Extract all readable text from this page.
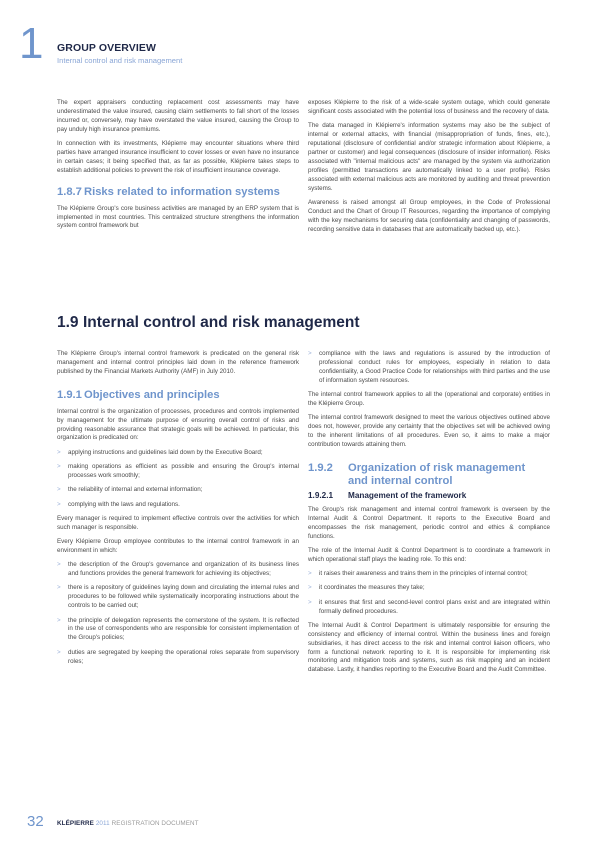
1 GROUP OVERVIEW
Internal control and risk management

The expert appraisers conducting replacement cost assessments may have underestimated the value insured, causing claim settlements to fall short of the losses incurred or, conversely, may have overstated the value insured, causing the Group to pay unduly high insurance premiums.

In connection with its investments, Klépierre may encounter situations where third parties have arranged insurance insufficient to cover losses or even have no insurance in certain cases; it being specified that, as far as possible, Klépierre takes steps to establish additional policies to prevent the risk of insufficient insurance coverage.

1.8.7 Risks related to information systems

The Klépierre Group's core business activities are managed by an ERP system that is implemented in most countries. This centralized structure strengthens the information system control framework but

exposes Klépierre to the risk of a wide-scale system outage, which could generate significant costs associated with the potential loss of business and the recovery of data.

The data managed in Klépierre's information systems may also be the subject of internal or external attacks, with financial (misappropriation of funds, fines, etc.), reputational (disclosure of confidential and/or strategic information about Klépierre, a partner or customer) and legal consequences (disclosure of insider information). Risks associated with "internal malicious acts" are managed by the system via authorization profiles (permitted transactions are automatically linked to a user profile). Risks associated with external malicious acts are monitored by auditing and threat prevention systems.

Awareness is raised amongst all Group employees, in the Code of Professional Conduct and the Chart of Group IT Resources, regarding the importance of complying with the key mechanisms for securing data (confidentiality and changing of passwords, recording sensitive data in databases that are automatically backed up, etc.).

1.9 Internal control and risk management

The Klépierre Group's internal control framework is predicated on the general risk management and internal control principles laid down in the reference framework published by the Financial Markets Authority (AMF) in July 2010.

1.9.1 Objectives and principles

Internal control is the organization of processes, procedures and controls implemented by management for the ultimate purpose of ensuring overall control of risks and providing reasonable assurance that strategic goals will be achieved. In particular, this organization is predicated on:

> applying instructions and guidelines laid down by the Executive Board;
> making operations as efficient as possible and ensuring the Group's internal processes work smoothly;
> the reliability of internal and external information;
> complying with the laws and regulations.

Every manager is required to implement effective controls over the activities for which such manager is responsible.

Every Klépierre Group employee contributes to the internal control framework in an environment in which:

> the description of the Group's governance and organization of its business lines and functions provides the general framework for achieving its objectives;
> there is a repository of guidelines laying down and circulating the internal rules and procedures to be followed while systematically incorporating instructions about the controls to be carried out;
> the principle of delegation represents the cornerstone of the system. It is reflected in the use of correspondents who are responsible for consistent implementation of the Group's policies;
> duties are segregated by keeping the operational roles separate from supervisory roles;
> compliance with the laws and regulations is assured by the introduction of professional conduct rules for employees, especially in relation to data confidentiality, a Good Practice Code for relationships with third parties and the use of information system resources.

The internal control framework applies to all the (operational and corporate) entities in the Klépierre Group.

The internal control framework designed to meet the various objectives outlined above does not, however, provide any certainty that the objectives set will be achieved owing to the inherent limitations of all procedures. Even so, it aims to make a major contribution towards attaining them.

1.9.2 Organization of risk management
and internal control
1.9.2.1 Management of the framework

The Group's risk management and internal control framework is overseen by the Internal Audit & Control Department. It reports to the Executive Board and encompasses the risk management, periodic control and ethics & compliance functions.

The role of the Internal Audit & Control Department is to coordinate a framework in which operational staff plays the leading role. To this end:

> it raises their awareness and trains them in the principles of internal control;
> it coordinates the measures they take;
> it ensures that first and second-level control plans exist and are integrated within formally defined procedures.

The Internal Audit & Control Department is ultimately responsible for ensuring the consistency and efficiency of internal control. Within the business lines and foreign subsidiaries, it has direct access to the risk and internal control liaison officers, who form a functional network reporting to it. It is responsible for implementing risk monitoring and mitigation tools and systems, such as risk mapping and an incident database. Lastly, it handles reporting to the Executive Board and the Audit Committee.

32 KLÉPIERRE 2011 REGISTRATION DOCUMENT
